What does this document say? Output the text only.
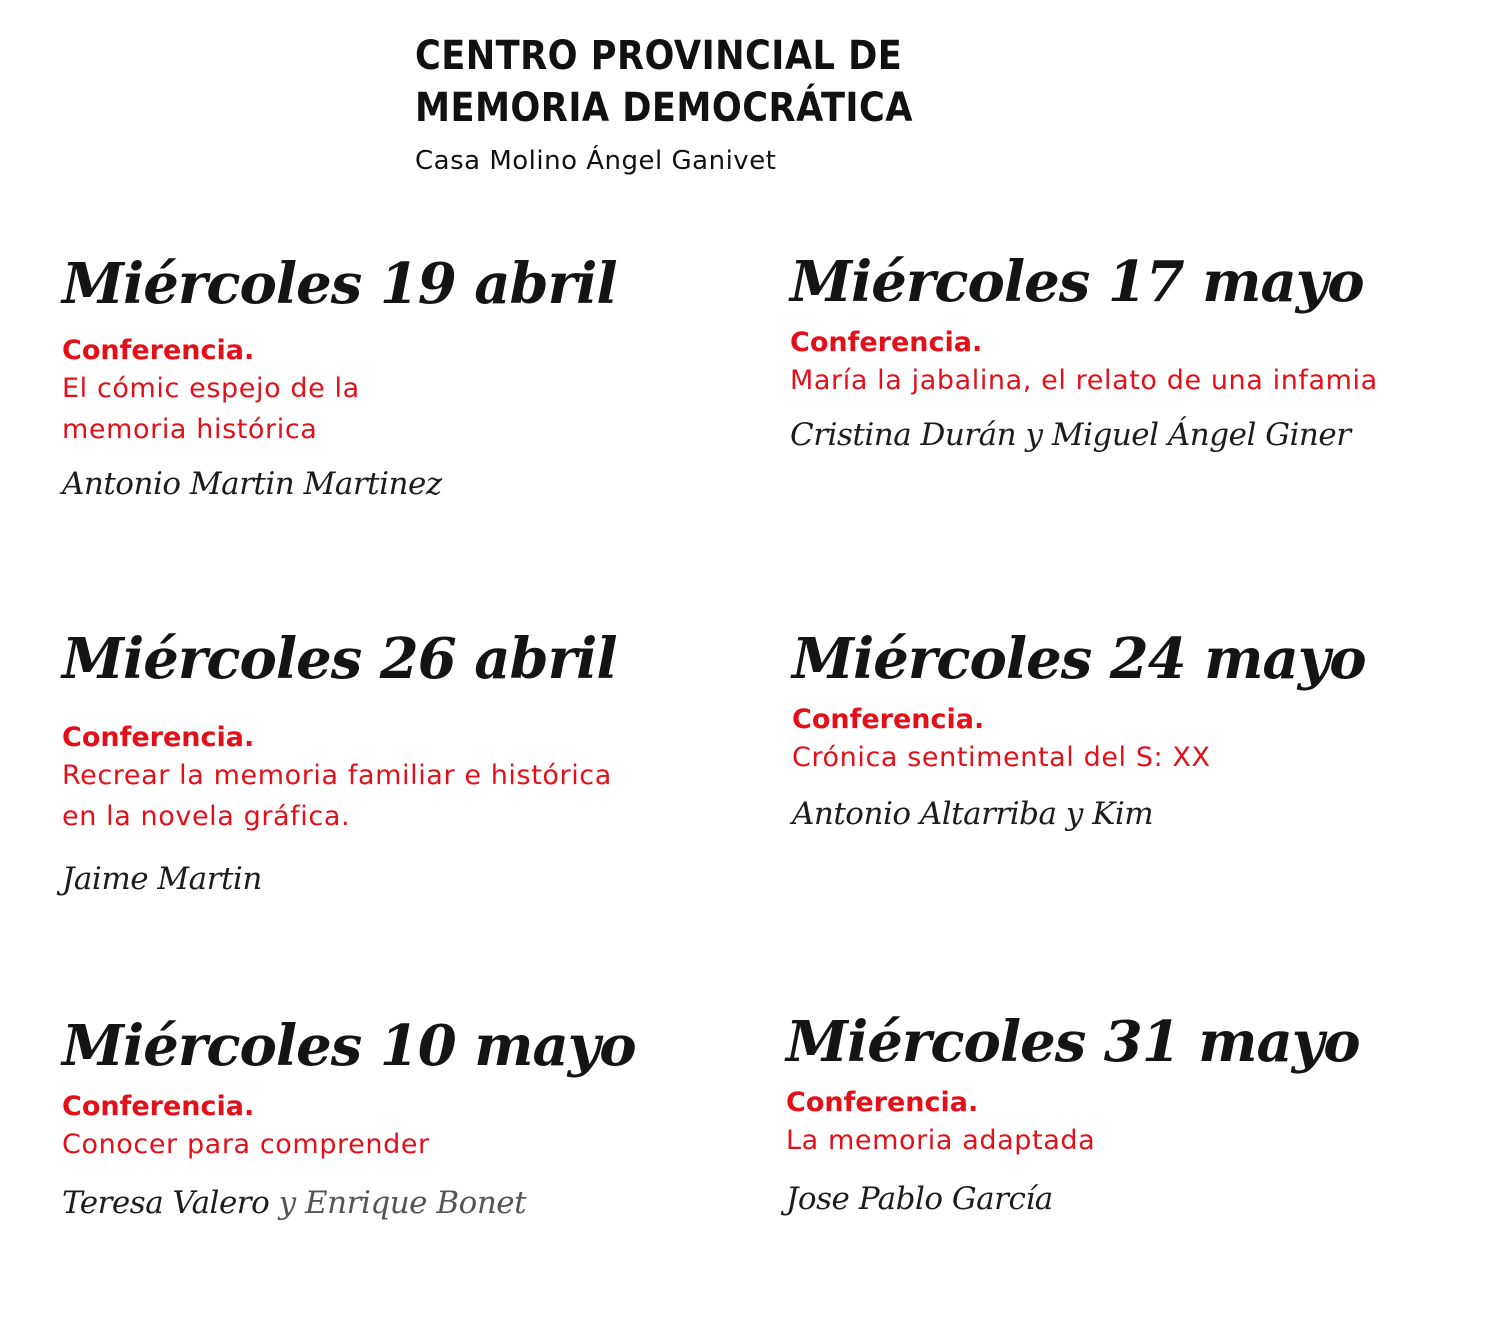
CENTRO PROVINCIAL DE
MEMORIA DEMOCRÁTICA
Casa Molino Ángel Ganivet
Miércoles 19 abril
Conferencia.
El cómic espejo de la
memoria histórica
Antonio Martin Martinez
Miércoles 17 mayo
Conferencia.
María la jabalina, el relato de una infamia
Cristina Durán y Miguel Ángel Giner
Miércoles 26 abril
Conferencia.
Recrear la memoria familiar e histórica
en la novela gráfica.
Jaime Martin
Miércoles 24 mayo
Conferencia.
Crónica sentimental del S: XX
Antonio Altarriba y Kim
Miércoles 10 mayo
Conferencia.
Conocer para comprender
Teresa Valero y Enrique Bonet
Miércoles 31 mayo
Conferencia.
La memoria adaptada
Jose Pablo García
